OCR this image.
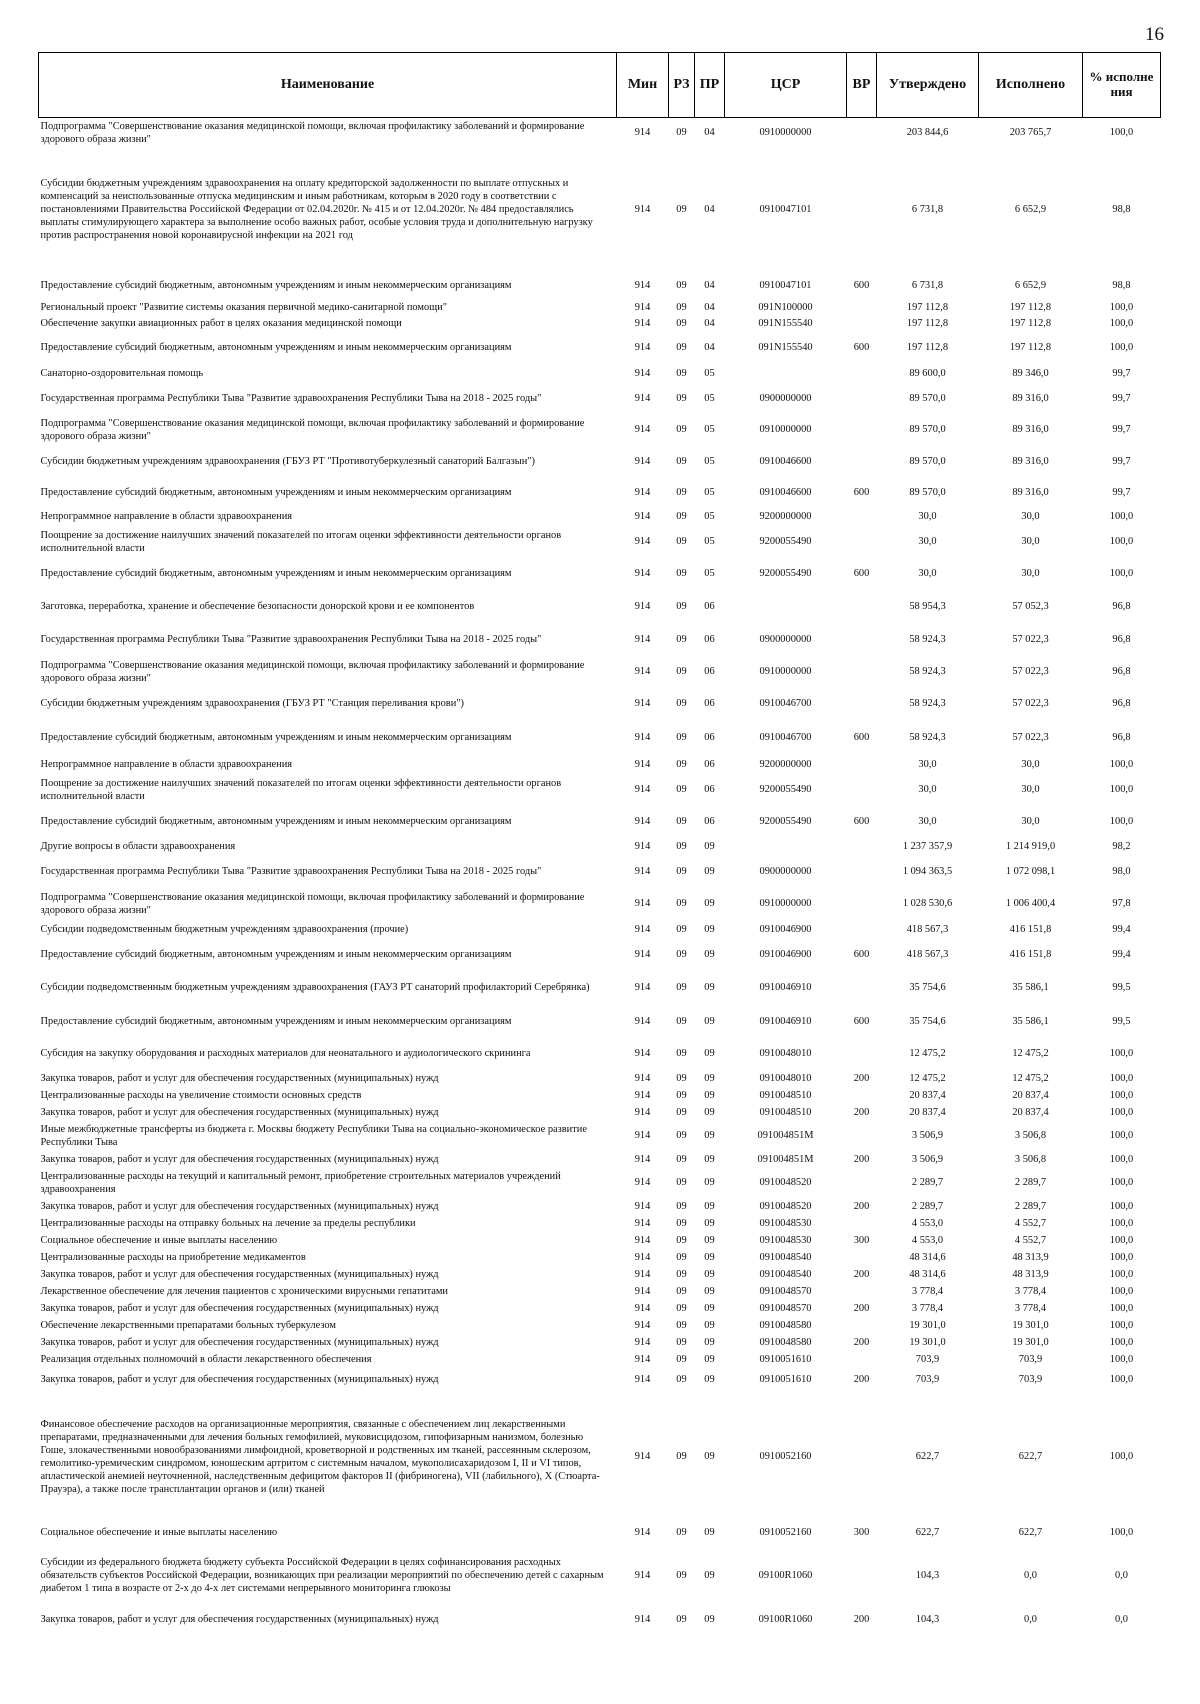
16
Наименование	Мин	РЗ	ПР	ЦСР	ВР	Утверждено	Исполнено	% исполне ния
Подпрограмма "Совершенствование оказания медицинской помощи, включая профилактику заболеваний и формирование здорового образа жизни"	914	09	04	0910000000		203 844,6	203 765,7	100,0
Субсидии бюджетным учреждениям здравоохранения на оплату кредиторской задолженности по выплате отпускных и компенсаций за неиспользованные отпуска медицинским и иным работникам, которым в 2020 году в соответствии с постановлениями Правительства Российской Федерации от 02.04.2020г. № 415 и от 12.04.2020г. № 484 предоставлялись выплаты стимулирующего характера за выполнение особо важных работ, особые условия труда и дополнительную нагрузку против распространения новой коронавирусной инфекции на 2021 год	914	09	04	0910047101		6 731,8	6 652,9	98,8
Предоставление субсидий бюджетным, автономным учреждениям и иным некоммерческим организациям	914	09	04	0910047101	600	6 731,8	6 652,9	98,8
Региональный проект "Развитие системы оказания первичной медико-санитарной помощи"	914	09	04	091N100000		197 112,8	197 112,8	100,0
Обеспечение закупки авиационных работ в целях оказания медицинской помощи	914	09	04	091N155540		197 112,8	197 112,8	100,0
Предоставление субсидий бюджетным, автономным учреждениям и иным некоммерческим организациям	914	09	04	091N155540	600	197 112,8	197 112,8	100,0
Санаторно-оздоровительная помощь	914	09	05			89 600,0	89 346,0	99,7
Государственная программа Республики Тыва "Развитие здравоохранения Республики Тыва на 2018 - 2025 годы"	914	09	05	0900000000		89 570,0	89 316,0	99,7
Подпрограмма "Совершенствование оказания медицинской помощи, включая профилактику заболеваний и формирование здорового образа жизни"	914	09	05	0910000000		89 570,0	89 316,0	99,7
Субсидии бюджетным учреждениям здравоохранения (ГБУЗ РТ "Противотуберкулезный санаторий Балгазын")	914	09	05	0910046600		89 570,0	89 316,0	99,7
Предоставление субсидий бюджетным, автономным учреждениям и иным некоммерческим организациям	914	09	05	0910046600	600	89 570,0	89 316,0	99,7
Непрограммное направление в области здравоохранения	914	09	05	9200000000		30,0	30,0	100,0
Поощрение за достижение наилучших значений показателей по итогам оценки эффективности деятельности органов исполнительной власти	914	09	05	9200055490		30,0	30,0	100,0
Предоставление субсидий бюджетным, автономным учреждениям и иным некоммерческим организациям	914	09	05	9200055490	600	30,0	30,0	100,0
Заготовка, переработка, хранение и обеспечение безопасности донорской крови и ее компонентов	914	09	06			58 954,3	57 052,3	96,8
Государственная программа Республики Тыва "Развитие здравоохранения Республики Тыва на 2018 - 2025 годы"	914	09	06	0900000000		58 924,3	57 022,3	96,8
Подпрограмма "Совершенствование оказания медицинской помощи, включая профилактику заболеваний и формирование здорового образа жизни"	914	09	06	0910000000		58 924,3	57 022,3	96,8
Субсидии бюджетным учреждениям здравоохранения (ГБУЗ РТ "Станция переливания крови")	914	09	06	0910046700		58 924,3	57 022,3	96,8
Предоставление субсидий бюджетным, автономным учреждениям и иным некоммерческим организациям	914	09	06	0910046700	600	58 924,3	57 022,3	96,8
Непрограммное направление в области здравоохранения	914	09	06	9200000000		30,0	30,0	100,0
Поощрение за достижение наилучших значений показателей по итогам оценки эффективности деятельности органов исполнительной власти	914	09	06	9200055490		30,0	30,0	100,0
Предоставление субсидий бюджетным, автономным учреждениям и иным некоммерческим организациям	914	09	06	9200055490	600	30,0	30,0	100,0
Другие вопросы в области здравоохранения	914	09	09			1 237 357,9	1 214 919,0	98,2
Государственная программа Республики Тыва "Развитие здравоохранения Республики Тыва на 2018 - 2025 годы"	914	09	09	0900000000		1 094 363,5	1 072 098,1	98,0
Подпрограмма "Совершенствование оказания медицинской помощи, включая профилактику заболеваний и формирование здорового образа жизни"	914	09	09	0910000000		1 028 530,6	1 006 400,4	97,8
Субсидии подведомственным бюджетным учреждениям здравоохранения (прочие)	914	09	09	0910046900		418 567,3	416 151,8	99,4
Предоставление субсидий бюджетным, автономным учреждениям и иным некоммерческим организациям	914	09	09	0910046900	600	418 567,3	416 151,8	99,4
Субсидии подведомственным бюджетным учреждениям здравоохранения (ГАУЗ РТ санаторий профилакторий Серебрянка)	914	09	09	0910046910		35 754,6	35 586,1	99,5
Предоставление субсидий бюджетным, автономным учреждениям и иным некоммерческим организациям	914	09	09	0910046910	600	35 754,6	35 586,1	99,5
Субсидия на закупку оборудования и расходных материалов для неонатального и аудиологического скрининга	914	09	09	0910048010		12 475,2	12 475,2	100,0
Закупка товаров, работ и услуг для обеспечения государственных (муниципальных) нужд	914	09	09	0910048010	200	12 475,2	12 475,2	100,0
Централизованные расходы на увеличение стоимости основных средств	914	09	09	0910048510		20 837,4	20 837,4	100,0
Закупка товаров, работ и услуг для обеспечения государственных (муниципальных) нужд	914	09	09	0910048510	200	20 837,4	20 837,4	100,0
Иные межбюджетные трансферты из бюджета г. Москвы бюджету Республики Тыва на социально-экономическое развитие Республики Тыва	914	09	09	091004851М		3 506,9	3 506,8	100,0
Закупка товаров, работ и услуг для обеспечения государственных (муниципальных) нужд	914	09	09	091004851М	200	3 506,9	3 506,8	100,0
Централизованные расходы на текущий и капитальный ремонт, приобретение строительных материалов учреждений здравоохранения	914	09	09	0910048520		2 289,7	2 289,7	100,0
Закупка товаров, работ и услуг для обеспечения государственных (муниципальных) нужд	914	09	09	0910048520	200	2 289,7	2 289,7	100,0
Централизованные расходы на отправку больных на лечение за пределы республики	914	09	09	0910048530		4 553,0	4 552,7	100,0
Социальное обеспечение и иные выплаты населению	914	09	09	0910048530	300	4 553,0	4 552,7	100,0
Централизованные расходы на приобретение медикаментов	914	09	09	0910048540		48 314,6	48 313,9	100,0
Закупка товаров, работ и услуг для обеспечения государственных (муниципальных) нужд	914	09	09	0910048540	200	48 314,6	48 313,9	100,0
Лекарственное обеспечение для лечения пациентов с хроническими вирусными гепатитами	914	09	09	0910048570		3 778,4	3 778,4	100,0
Закупка товаров, работ и услуг для обеспечения государственных (муниципальных) нужд	914	09	09	0910048570	200	3 778,4	3 778,4	100,0
Обеспечение лекарственными препаратами больных туберкулезом	914	09	09	0910048580		19 301,0	19 301,0	100,0
Закупка товаров, работ и услуг для обеспечения государственных (муниципальных) нужд	914	09	09	0910048580	200	19 301,0	19 301,0	100,0
Реализация отдельных полномочий в области лекарственного обеспечения	914	09	09	0910051610		703,9	703,9	100,0
Закупка товаров, работ и услуг для обеспечения государственных (муниципальных) нужд	914	09	09	0910051610	200	703,9	703,9	100,0
Финансовое обеспечение расходов на организационные мероприятия, связанные с обеспечением лиц лекарственными препаратами, предназначенными для лечения больных гемофилией, муковисцидозом, гипофизарным нанизмом, болезнью Гоше, злокачественными новообразованиями лимфоидной, кроветворной и родственных им тканей, рассеянным склерозом, гемолитико-уремическим синдромом, юношеским артритом с системным началом, мукополисахаридозом I, II и VI типов, апластической анемией неуточненной, наследственным дефицитом факторов II (фибриногена), VII (лабильного), X (Стюарта-Прауэра), а также после трансплантации органов и (или) тканей	914	09	09	0910052160		622,7	622,7	100,0
Социальное обеспечение и иные выплаты населению	914	09	09	0910052160	300	622,7	622,7	100,0
Субсидии из федерального бюджета бюджету субъекта Российской Федерации в целях софинансирования расходных обязательств субъектов Российской Федерации, возникающих при реализации мероприятий по обеспечению детей с сахарным диабетом 1 типа в возрасте от 2-х до 4-х лет системами непрерывного мониторинга глюкозы	914	09	09	09100R1060		104,3	0,0	0,0
Закупка товаров, работ и услуг для обеспечения государственных (муниципальных) нужд	914	09	09	09100R1060	200	104,3	0,0	0,0
